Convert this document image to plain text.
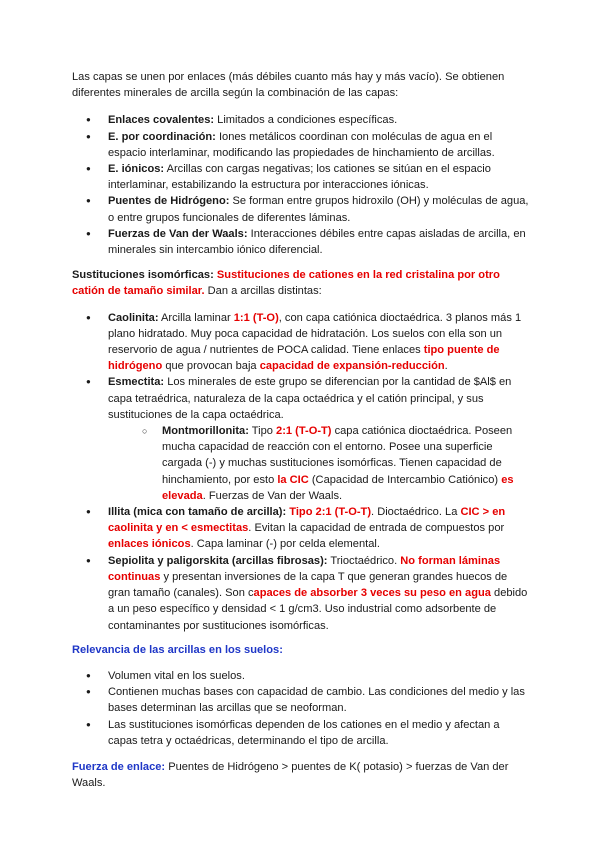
Las capas se unen por enlaces (más débiles cuanto más hay y más vacío). Se obtienen diferentes minerales de arcilla según la combinación de las capas:

● Enlaces covalentes: Limitados a condiciones específicas.
● E. por coordinación: Iones metálicos coordinan con moléculas de agua en el espacio interlaminar, modificando las propiedades de hinchamiento de arcillas.
● E. iónicos: Arcillas con cargas negativas; los cationes se sitúan en el espacio interlaminar, estabilizando la estructura por interacciones iónicas.
● Puentes de Hidrógeno: Se forman entre grupos hidroxilo (OH) y moléculas de agua, o entre grupos funcionales de diferentes láminas.
● Fuerzas de Van der Waals: Interacciones débiles entre capas aisladas de arcilla, en minerales sin intercambio iónico diferencial.

Sustituciones isomórficas: Sustituciones de cationes en la red cristalina por otro catión de tamaño similar. Dan a arcillas distintas:

● Caolinita: Arcilla laminar 1:1 (T-O), con capa catiónica dioctaédrica. 3 planos más 1 plano hidratado. Muy poca capacidad de hidratación. Los suelos con ella son un reservorio de agua / nutrientes de POCA calidad. Tiene enlaces tipo puente de hidrógeno que provocan baja capacidad de expansión-reducción.
● Esmectita: Los minerales de este grupo se diferencian por la cantidad de $Al$ en capa tetraédrica, naturaleza de la capa octaédrica y el catión principal, y sus sustituciones de la capa octaédrica.
○ Montmorillonita: Tipo 2:1 (T-O-T) capa catiónica dioctaédrica. Poseen mucha capacidad de reacción con el entorno. Posee una superficie cargada (-) y muchas sustituciones isomórficas. Tienen capacidad de hinchamiento, por esto la CIC (Capacidad de Intercambio Catiónico) es elevada. Fuerzas de Van der Waals.
● Illita (mica con tamaño de arcilla): Tipo 2:1 (T-O-T). Dioctaédrico. La CIC > en caolinita y en < esmectitas. Evitan la capacidad de entrada de compuestos por enlaces iónicos. Capa laminar (-) por celda elemental.
● Sepiolita y paligorskita (arcillas fibrosas): Trioctaédrico. No forman láminas continuas y presentan inversiones de la capa T que generan grandes huecos de gran tamaño (canales). Son capaces de absorber 3 veces su peso en agua debido a un peso específico y densidad < 1 g/cm3. Uso industrial como adsorbente de contaminantes por sustituciones isomórficas.

Relevancia de las arcillas en los suelos:

● Volumen vital en los suelos.
● Contienen muchas bases con capacidad de cambio. Las condiciones del medio y las bases determinan las arcillas que se neoforman.
● Las sustituciones isomórficas dependen de los cationes en el medio y afectan a capas tetra y octaédricas, determinando el tipo de arcilla.

Fuerza de enlace: Puentes de Hidrógeno > puentes de K( potasio) > fuerzas de Van der Waals.
